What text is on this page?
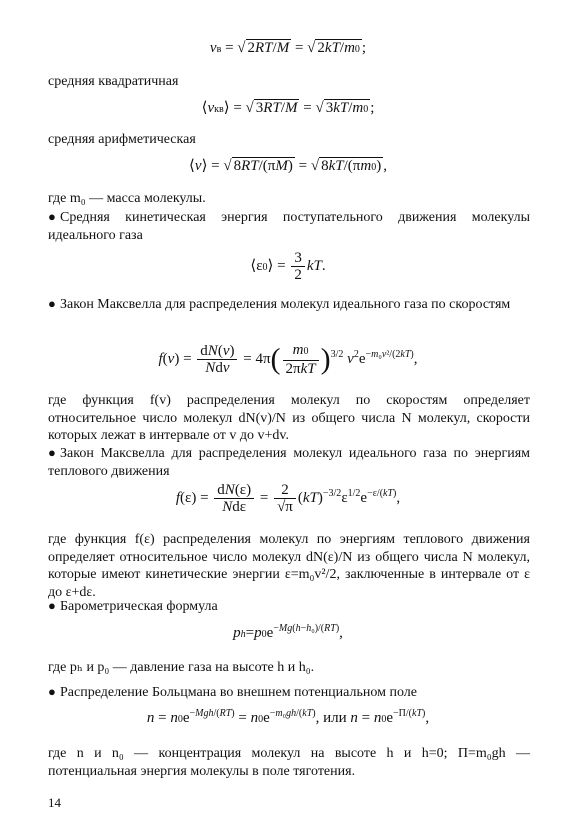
vв = √ 2RT/M = √ 2kT/m0 ;
средняя квадратичная
⟨vкв⟩ = √ 3RT/M = √ 3kT/m0 ;
средняя арифметическая
⟨v⟩ = √ 8RT/(πM) = √ 8kT/(πm0) ,
где m₀ — масса молекулы.
● Средняя кинетическая энергия поступательного движения молекулы идеального газа
⟨ε0⟩ = $\frac{3}{2}$ kT.
● Закон Максвелла для распределения молекул идеального газа по скоростям
$f(v) = \frac{dN(v)}{\text{Ndv}} = 4\pi( \frac{m0}{\text{2πkT}} )^{3/2}$ $v^2e^{-m_0v^2/(2kT)}$,
где функция f(v) распределения молекул по скоростям определяет относительное число молекул dN(v)/N из общего числа N молекул, скорости которых лежат в интервале от v до v+dv.
● Закон Максвелла для распределения молекул идеального газа по энергиям теплового движения
$f(\varepsilon) = \frac{dN(\varepsilon)}{\text{Ndε}} = \frac{2}{√\pi} (kT)^{-3/2}\varepsilon^{1/2}e^{-\varepsilon/(kT)}$,
где функция f(ε) распределения молекул по энергиям теплового движения определяет относительное число молекул dN(ε)/N из общего числа N молекул, которые имеют кинетические энергии ε=m₀v²/2, заключенные в интервале от ε до ε+dε.
● Барометрическая формула
$ph=p0e^{-Mg(h-h_0)/(RT)}$,
где pₕ и p₀ — давление газа на высоте h и h₀.
● Распределение Больцмана во внешнем потенциальном поле
$n = n0e^{-Mgh/(RT)} = n0e^{-m_0gh/(kT)}$, или $n = n0e^{-\Pi/(kT)}$,
где n и n₀ — концентрация молекул на высоте h и h=0; Π=m₀gh — потенциальная энергия молекулы в поле тяготения.
14
